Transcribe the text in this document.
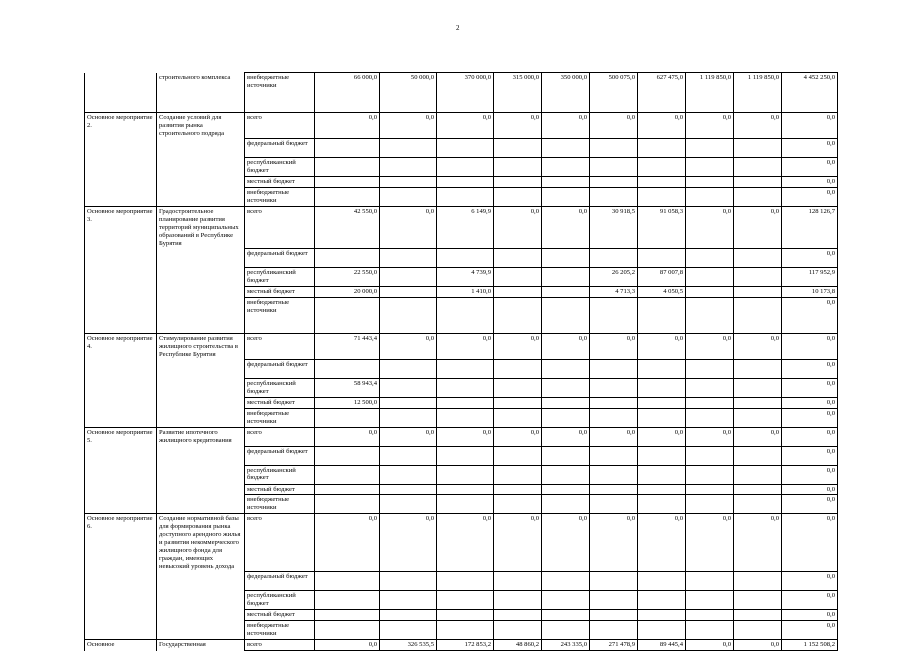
2
	строительного комплекса	внебюджетные источники	66 000,0	50 000,0	370 000,0	315 000,0	350 000,0	500 075,0	627 475,0	1 119 850,0	1 119 850,0	4 452 250,0
Основное мероприятие 2.	Создание условий для развития рынка строительного подряда	всего	0,0	0,0	0,0	0,0	0,0	0,0	0,0	0,0	0,0	0,0
		федеральный бюджет										0,0
		республиканский бюджет										0,0
		местный бюджет										0,0
		внебюджетные источники										0,0
Основное мероприятие 3.	Градостроительное планирование развития территорий муниципальных образований в Республике Бурятия	всего	42 550,0	0,0	6 149,9	0,0	0,0	30 918,5	91 058,3	0,0	0,0	128 126,7
		федеральный бюджет										0,0
		республиканский бюджет	22 550,0		4 739,9			26 205,2	87 007,8			117 952,9
		местный бюджет	20 000,0		1 410,0			4 713,3	4 050,5			10 173,8
		внебюджетные источники										0,0
Основное мероприятие 4.	Стимулирование развития жилищного строительства в Республике Бурятия	всего	71 443,4	0,0	0,0	0,0	0,0	0,0	0,0	0,0	0,0	0,0
		федеральный бюджет										0,0
		республиканский бюджет	58 943,4									0,0
		местный бюджет	12 500,0									0,0
		внебюджетные источники										0,0
Основное мероприятие 5.	Развитие ипотечного жилищного кредитования	всего	0,0	0,0	0,0	0,0	0,0	0,0	0,0	0,0	0,0	0,0
		федеральный бюджет										0,0
		республиканский бюджет										0,0
		местный бюджет										0,0
		внебюджетные источники										0,0
Основное мероприятие 6.	Создание нормативной базы для формирования рынка доступного арендного жилья и развития некоммерческого жилищного фонда для граждан, имеющих невысокий уровень дохода	всего	0,0	0,0	0,0	0,0	0,0	0,0	0,0	0,0	0,0	0,0
		федеральный бюджет										0,0
		республиканский бюджет										0,0
		местный бюджет										0,0
		внебюджетные источники										0,0
Основное	Государственная	всего	0,0	326 535,5	172 853,2	48 860,2	243 335,0	271 478,9	89 445,4	0,0	0,0	1 152 508,2
